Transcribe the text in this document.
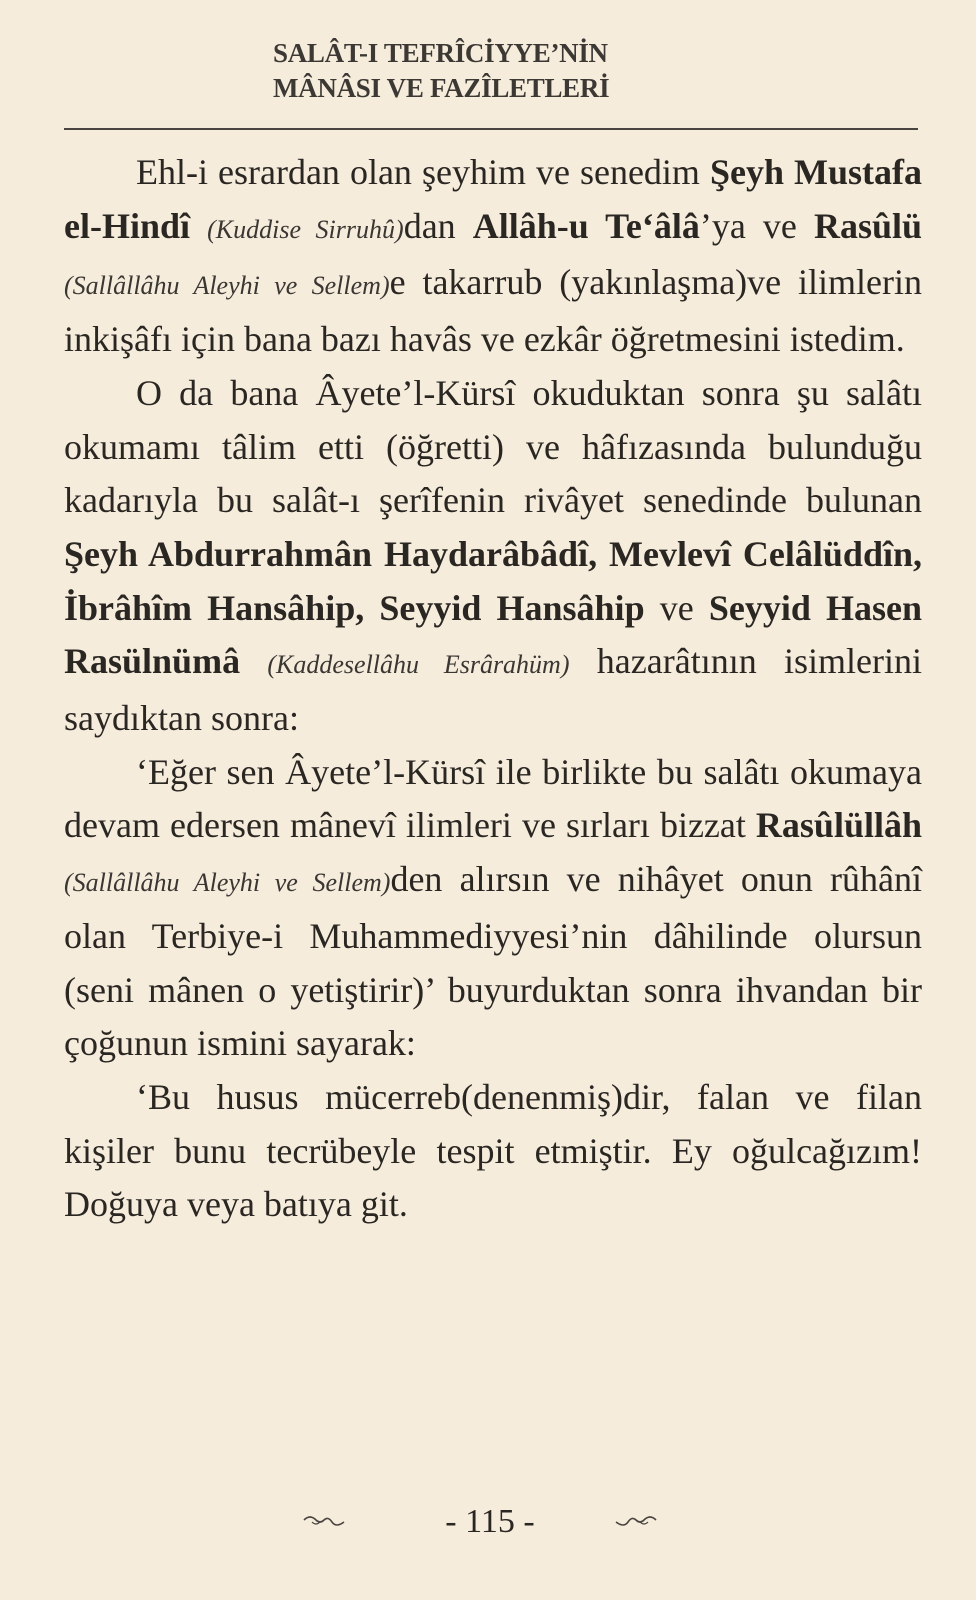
SALÂT-I TEFRÎCİYYE’NİN
MÂNÂSI VE FAZÎLETLERİ

Ehl-i esrardan olan şeyhim ve senedim Şeyh Mustafa el-Hindî (Kuddise Sirruhû)dan Allâh-u Te‘âlâ’ya ve Rasûlü (Sallâllâhu Aleyhi ve Sellem)e takarrub (yakınlaşma)ve ilimlerin inkişâfı için bana bazı havâs ve ezkâr öğretmesini istedim.

O da bana Âyete’l-Kürsî okuduktan sonra şu salâtı okumamı tâlim etti (öğretti) ve hâfızasında bulunduğu kadarıyla bu salât-ı şerîfenin rivâyet senedinde bulunan Şeyh Abdurrahmân Haydarâbâdî, Mevlevî Celâlüddîn, İbrâhîm Hansâhip, Seyyid Hansâhip ve Seyyid Hasen Rasülnümâ (Kaddesellâhu Esrârahüm) hazarâtının isimlerini saydıktan sonra:

‘Eğer sen Âyete’l-Kürsî ile birlikte bu salâtı okumaya devam edersen mânevî ilimleri ve sırları bizzat Rasûlüllâh (Sallâllâhu Aleyhi ve Sellem)den alırsın ve nihâyet onun rûhânî olan Terbiye-i Muhammediyyesi’nin dâhilinde olursun (seni mânen o yetiştirir)’ buyurduktan sonra ihvandan bir çoğunun ismini sayarak:

‘Bu husus mücerreb(denenmiş)dir, falan ve filan kişiler bunu tecrübeyle tespit etmiştir. Ey oğulcağızım! Doğuya veya batıya git.

- 115 -
